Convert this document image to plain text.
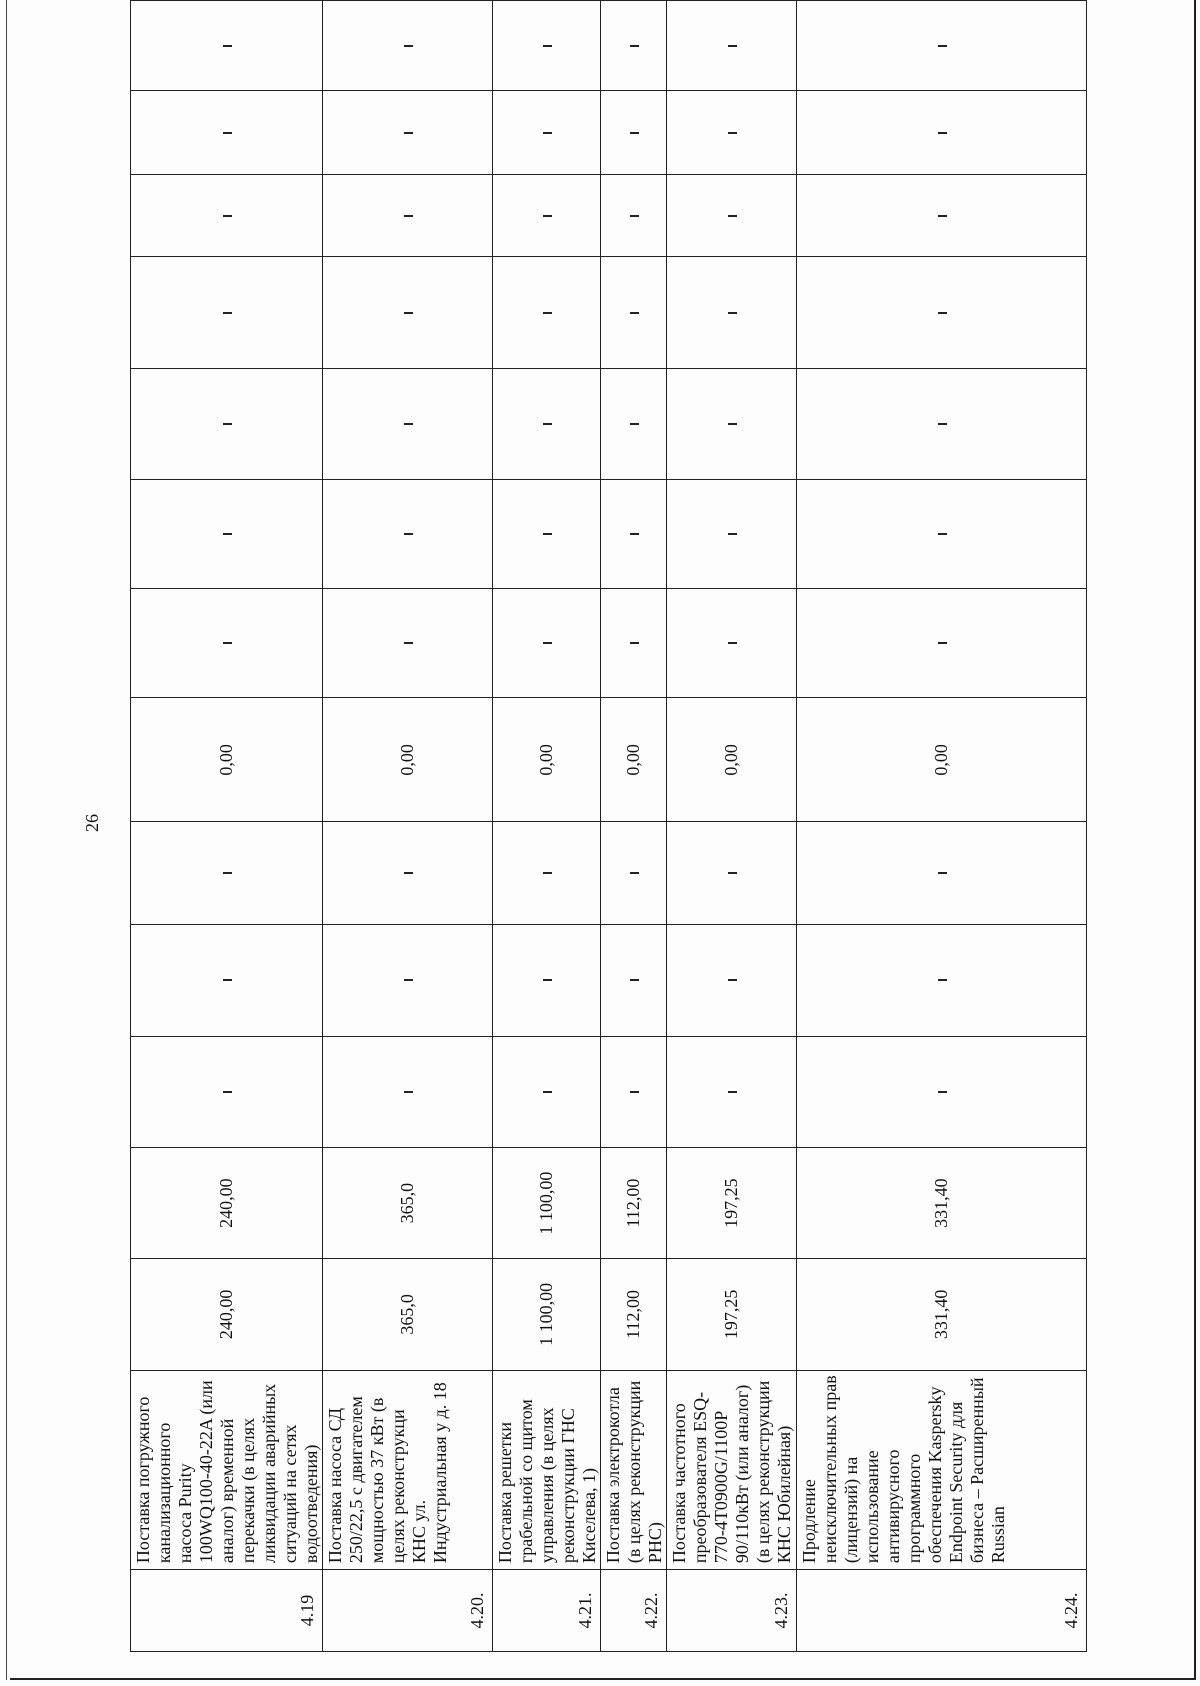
26
4.19	Поставка погружного канализационного насоса Purity 100WQ100-40-22A (или аналог) временной перекачки (в целях ликвидации аварийных ситуаций на сетях водоотведения)	240,00	240,00				0,00							
4.20.	Поставка насоса СД 250/22,5 с двигателем мощностью 37 кВт (в целях реконструкци КНС ул. Индустриальная у д. 18	365,0	365,0				0,00							
4.21.	Поставка решетки грабельной со щитом управления (в целях реконструкции ГНС Киселева, 1)	1 100,00	1 100,00				0,00							
4.22.	Поставка электрокотла (в целях реконструкции РНС)	112,00	112,00				0,00							
4.23.	Поставка частотного преобразователя ESQ-770-4T0900G/1100P 90/110кВт (или аналог) (в целях реконструкции КНС Юбилейная)	197,25	197,25				0,00							
4.24.	Продление неисключительных прав (лицензий) на использование антивирусного программного обеспечения Kaspersky Endpoint Security для бизнеса – Расширенный Russian	331,40	331,40				0,00							
